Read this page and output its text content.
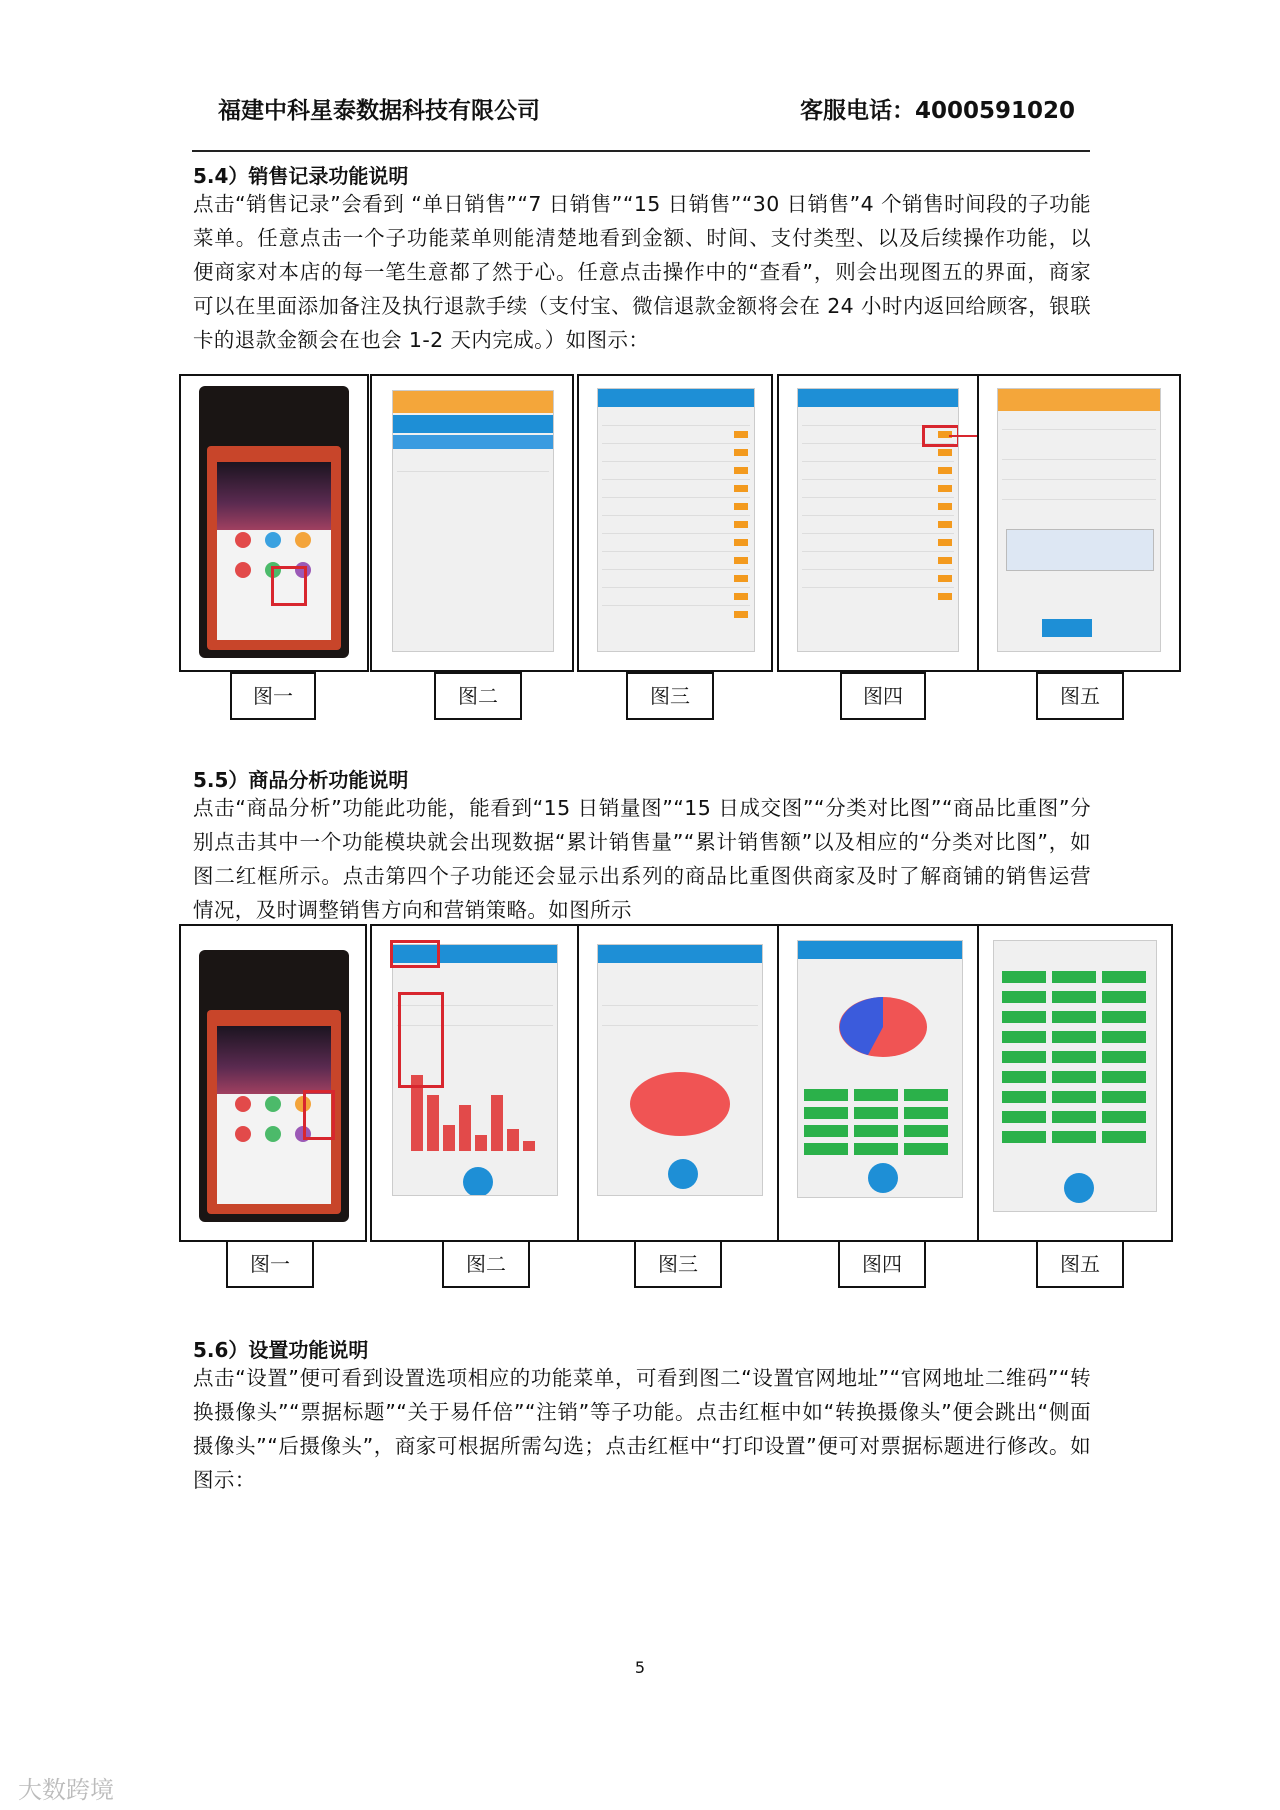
福建中科星泰数据科技有限公司	客服电话：4000591020
5.4）销售记录功能说明
点击“销售记录”会看到 “单日销售”“7 日销售”“15 日销售”“30 日销售”4 个销售时间段的子功能菜单。任意点击一个子功能菜单则能清楚地看到金额、时间、支付类型、以及后续操作功能，以便商家对本店的每一笔生意都了然于心。任意点击操作中的“查看”，则会出现图五的界面，商家可以在里面添加备注及执行退款手续（支付宝、微信退款金额将会在 24 小时内返回给顾客，银联卡的退款金额会在也会 1-2 天内完成。）如图示：
图一	图二	图三	图四	图五
5.5）商品分析功能说明
点击“商品分析”功能此功能，能看到“15 日销量图”“15 日成交图”“分类对比图”“商品比重图”分别点击其中一个功能模块就会出现数据“累计销售量”“累计销售额”以及相应的“分类对比图”，如图二红框所示。点击第四个子功能还会显示出系列的商品比重图供商家及时了解商铺的销售运营情况，及时调整销售方向和营销策略。如图所示
图一	图二	图三	图四	图五
5.6）设置功能说明
点击“设置”便可看到设置选项相应的功能菜单，可看到图二“设置官网地址”“官网地址二维码”“转换摄像头”“票据标题”“关于易仟倍”“注销”等子功能。点击红框中如“转换摄像头”便会跳出“侧面摄像头”“后摄像头”，商家可根据所需勾选；点击红框中“打印设置”便可对票据标题进行修改。如图示：
5
大数跨境
